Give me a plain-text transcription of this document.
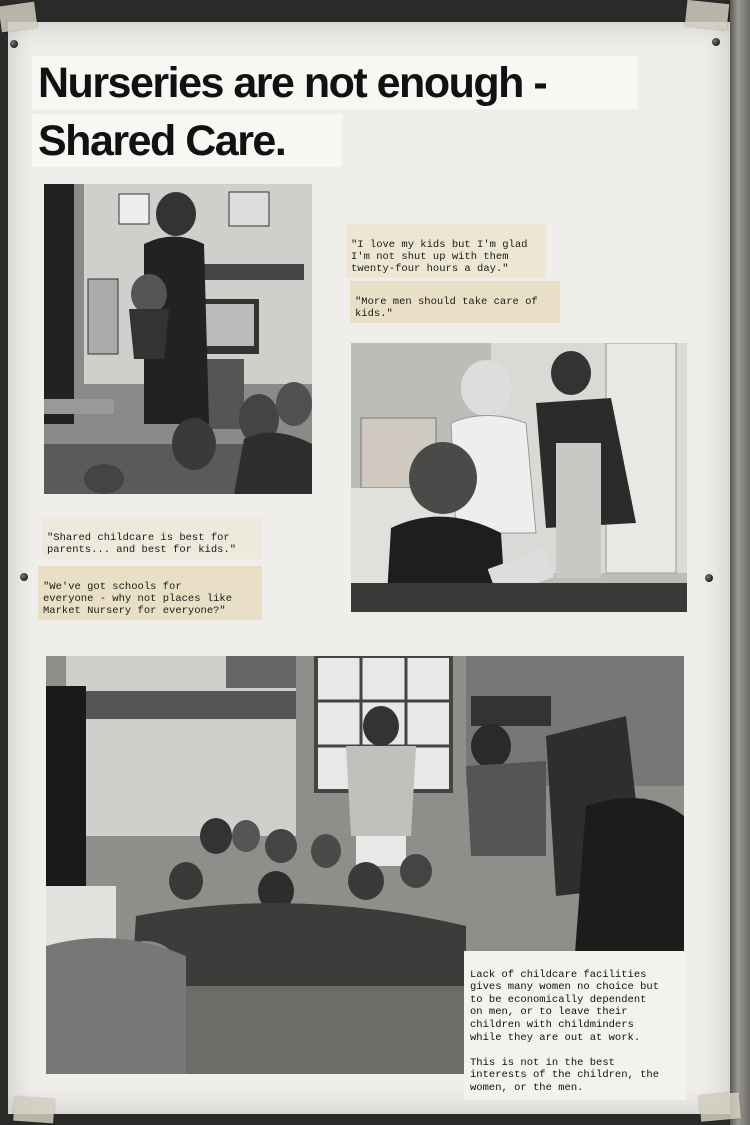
Nurseries are not enough -
Shared Care.

"I love my kids but I'm glad
I'm not shut up with them
twenty-four hours a day."

"More men should take care of
kids."

"Shared childcare is best for
parents... and best for kids."

"We've got schools for
everyone - why not places like
Market Nursery for everyone?"

Lack of childcare facilities
gives many women no choice but
to be economically dependent
on men, or to leave their
children with childminders
while they are out at work.

This is not in the best
interests of the children, the
women, or the men.
